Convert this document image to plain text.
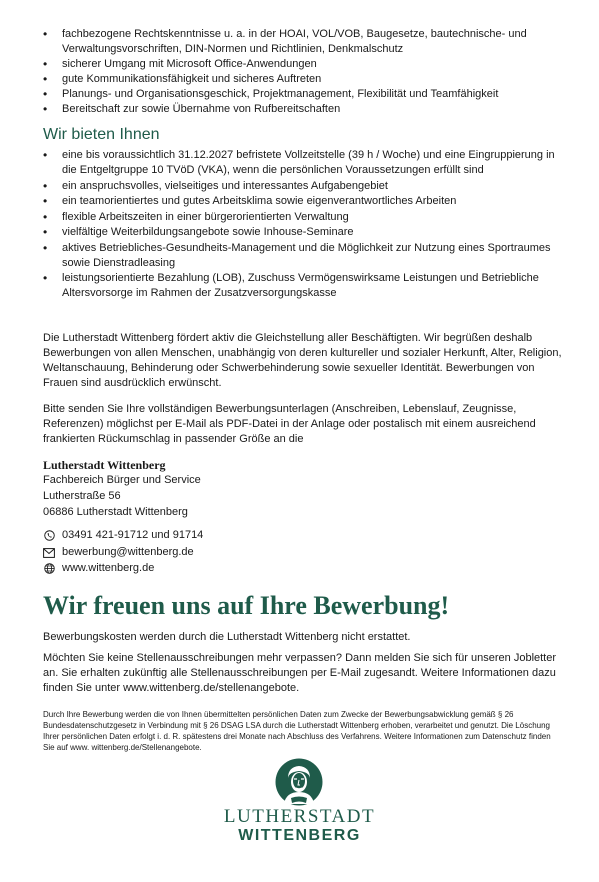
• fachbezogene Rechtskenntnisse u. a. in der HOAI, VOL/VOB, Baugesetze, bautechnische- und Verwaltungsvorschriften, DIN-Normen und Richtlinien, Denkmalschutz
• sicherer Umgang mit Microsoft Office-Anwendungen
• gute Kommunikationsfähigkeit und sicheres Auftreten
• Planungs- und Organisationsgeschick, Projektmanagement, Flexibilität und Teamfähigkeit
• Bereitschaft zur sowie Übernahme von Rufbereitschaften
Wir bieten Ihnen
• eine bis voraussichtlich 31.12.2027 befristete Vollzeitstelle (39 h / Woche) und eine Eingruppierung in die Entgeltgruppe 10 TVöD (VKA), wenn die persönlichen Voraussetzungen erfüllt sind
• ein anspruchsvolles, vielseitiges und interessantes Aufgabengebiet
• ein teamorientiertes und gutes Arbeitsklima sowie eigenverantwortliches Arbeiten
• flexible Arbeitszeiten in einer bürgerorientierten Verwaltung
• vielfältige Weiterbildungsangebote sowie Inhouse-Seminare
• aktives Betriebliches-Gesundheits-Management und die Möglichkeit zur Nutzung eines Sportraumes sowie Dienstradleasing
• leistungsorientierte Bezahlung (LOB), Zuschuss Vermögenswirksame Leistungen und Betriebliche Altersvorsorge im Rahmen der Zusatzversorgungskasse

Die Lutherstadt Wittenberg fördert aktiv die Gleichstellung aller Beschäftigten. Wir begrüßen deshalb Bewerbungen von allen Menschen, unabhängig von deren kultureller und sozialer Herkunft, Alter, Religion, Weltanschauung, Behinderung oder Schwerbehinderung sowie sexueller Identität. Bewerbungen von Frauen sind ausdrücklich erwünscht.

Bitte senden Sie Ihre vollständigen Bewerbungsunterlagen (Anschreiben, Lebenslauf, Zeugnisse, Referenzen) möglichst per E-Mail als PDF-Datei in der Anlage oder postalisch mit einem ausreichend frankierten Rückumschlag in passender Größe an die

Lutherstadt Wittenberg

Fachbereich Bürger und Service

Lutherstraße 56

06886 Lutherstadt Wittenberg

03491 421-91712 und 91714
bewerbung@wittenberg.de
www.wittenberg.de
Wir freuen uns auf Ihre Bewerbung!

Bewerbungskosten werden durch die Lutherstadt Wittenberg nicht erstattet.

Möchten Sie keine Stellenausschreibungen mehr verpassen? Dann melden Sie sich für unseren Jobletter an. Sie erhalten zukünftig alle Stellenausschreibungen per E-Mail zugesandt. Weitere Informationen dazu finden Sie unter www.wittenberg.de/stellenangebote.

Durch Ihre Bewerbung werden die von Ihnen übermittelten persönlichen Daten zum Zwecke der Bewerbungsabwicklung gemäß § 26 Bundesdatenschutzgesetz in Verbindung mit § 26 DSAG LSA durch die Lutherstadt Wittenberg erhoben, verarbeitet und genutzt. Die Löschung Ihrer persönlichen Daten erfolgt i. d. R. spätestens drei Monate nach Abschluss des Verfahrens. Weitere Informationen zum Datenschutz finden Sie auf www. wittenberg.de/Stellenangebote.

LUTHERSTADT
WITTENBERG
